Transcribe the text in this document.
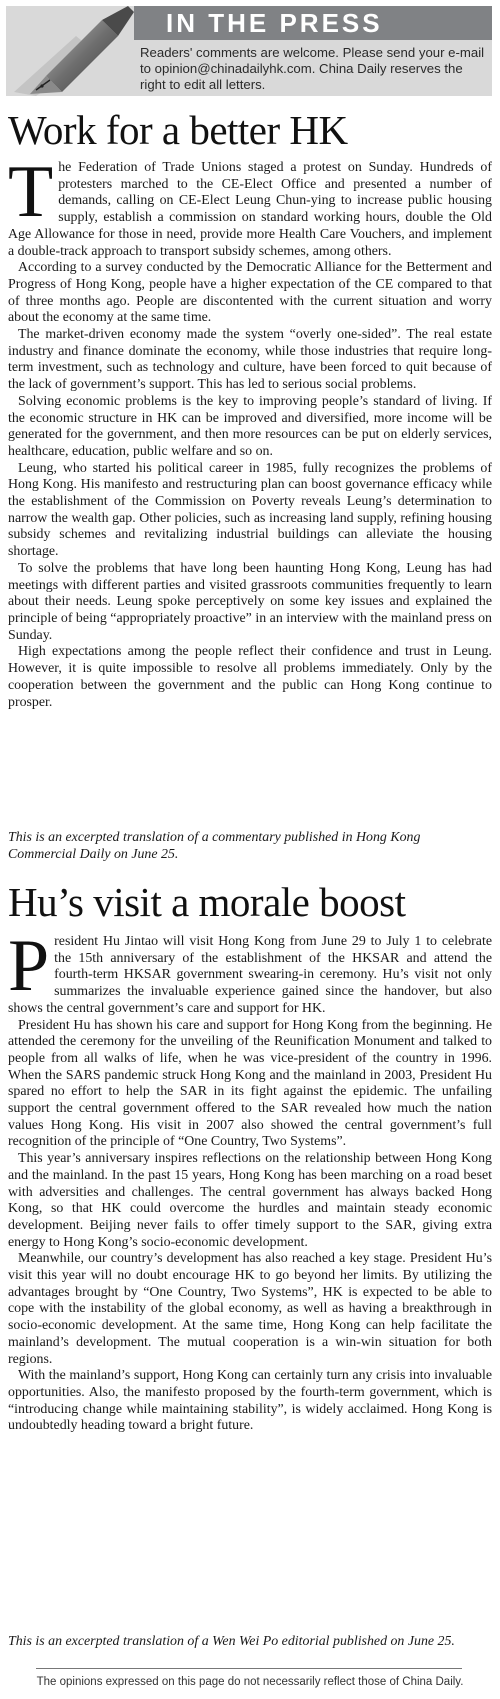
IN THE PRESS
Readers' comments are welcome. Please send your e-mail to opinion@chinadailyhk.com. China Daily reserves the right to edit all letters.
Work for a better HK
T he Federation of Trade Unions staged a protest on Sunday. Hundreds of protesters marched to the CE-Elect Office and presented a number of demands, calling on CE-Elect Leung Chun-ying to increase public housing supply, establish a commission on standard working hours, double the Old Age Allowance for those in need, provide more Health Care Vouchers, and implement a double-track approach to transport subsidy schemes, among others.

According to a survey conducted by the Democratic Alliance for the Betterment and Progress of Hong Kong, people have a higher expectation of the CE compared to that of three months ago. People are discontented with the current situation and worry about the economy at the same time.

The market-driven economy made the system “overly one-sided”. The real estate industry and finance dominate the economy, while those industries that require long-term investment, such as technology and culture, have been forced to quit because of the lack of government’s support. This has led to serious social problems.

Solving economic problems is the key to improving people’s standard of living. If the economic structure in HK can be improved and diversified, more income will be generated for the government, and then more resources can be put on elderly services, healthcare, education, public welfare and so on.

Leung, who started his political career in 1985, fully recognizes the problems of Hong Kong. His manifesto and restructuring plan can boost governance efficacy while the establishment of the Commission on Poverty reveals Leung’s determination to narrow the wealth gap. Other policies, such as increasing land supply, refining housing subsidy schemes and revitalizing industrial buildings can alleviate the housing shortage.

To solve the problems that have long been haunting Hong Kong, Leung has had meetings with different parties and visited grassroots communities frequently to learn about their needs. Leung spoke perceptively on some key issues and explained the principle of being “appropriately proactive” in an interview with the mainland press on Sunday.

High expectations among the people reflect their confidence and trust in Leung. However, it is quite impossible to resolve all problems immediately. Only by the cooperation between the government and the public can Hong Kong continue to prosper.

This is an excerpted translation of a commentary published in Hong Kong Commercial Daily on June 25.
Hu’s visit a morale boost
P resident Hu Jintao will visit Hong Kong from June 29 to July 1 to celebrate the 15th anniversary of the establishment of the HKSAR and attend the fourth-term HKSAR government swearing-in ceremony. Hu’s visit not only summarizes the invaluable experience gained since the handover, but also shows the central government’s care and support for HK.

President Hu has shown his care and support for Hong Kong from the beginning. He attended the ceremony for the unveiling of the Reunification Monument and talked to people from all walks of life, when he was vice-president of the country in 1996. When the SARS pandemic struck Hong Kong and the mainland in 2003, President Hu spared no effort to help the SAR in its fight against the epidemic. The unfailing support the central government offered to the SAR revealed how much the nation values Hong Kong. His visit in 2007 also showed the central government’s full recognition of the principle of “One Country, Two Systems”.

This year’s anniversary inspires reflections on the relationship between Hong Kong and the mainland. In the past 15 years, Hong Kong has been marching on a road beset with adversities and challenges. The central government has always backed Hong Kong, so that HK could overcome the hurdles and maintain steady economic development. Beijing never fails to offer timely support to the SAR, giving extra energy to Hong Kong’s socio-economic development.

Meanwhile, our country’s development has also reached a key stage. President Hu’s visit this year will no doubt encourage HK to go beyond her limits. By utilizing the advantages brought by “One Country, Two Systems”, HK is expected to be able to cope with the instability of the global economy, as well as having a breakthrough in socio-economic development. At the same time, Hong Kong can help facilitate the mainland’s development. The mutual cooperation is a win-win situation for both regions.

With the mainland’s support, Hong Kong can certainly turn any crisis into invaluable opportunities. Also, the manifesto proposed by the fourth-term government, which is “introducing change while maintaining stability”, is widely acclaimed. Hong Kong is undoubtedly heading toward a bright future.

This is an excerpted translation of a Wen Wei Po editorial published on June 25.
The opinions expressed on this page do not necessarily reflect those of China Daily.
